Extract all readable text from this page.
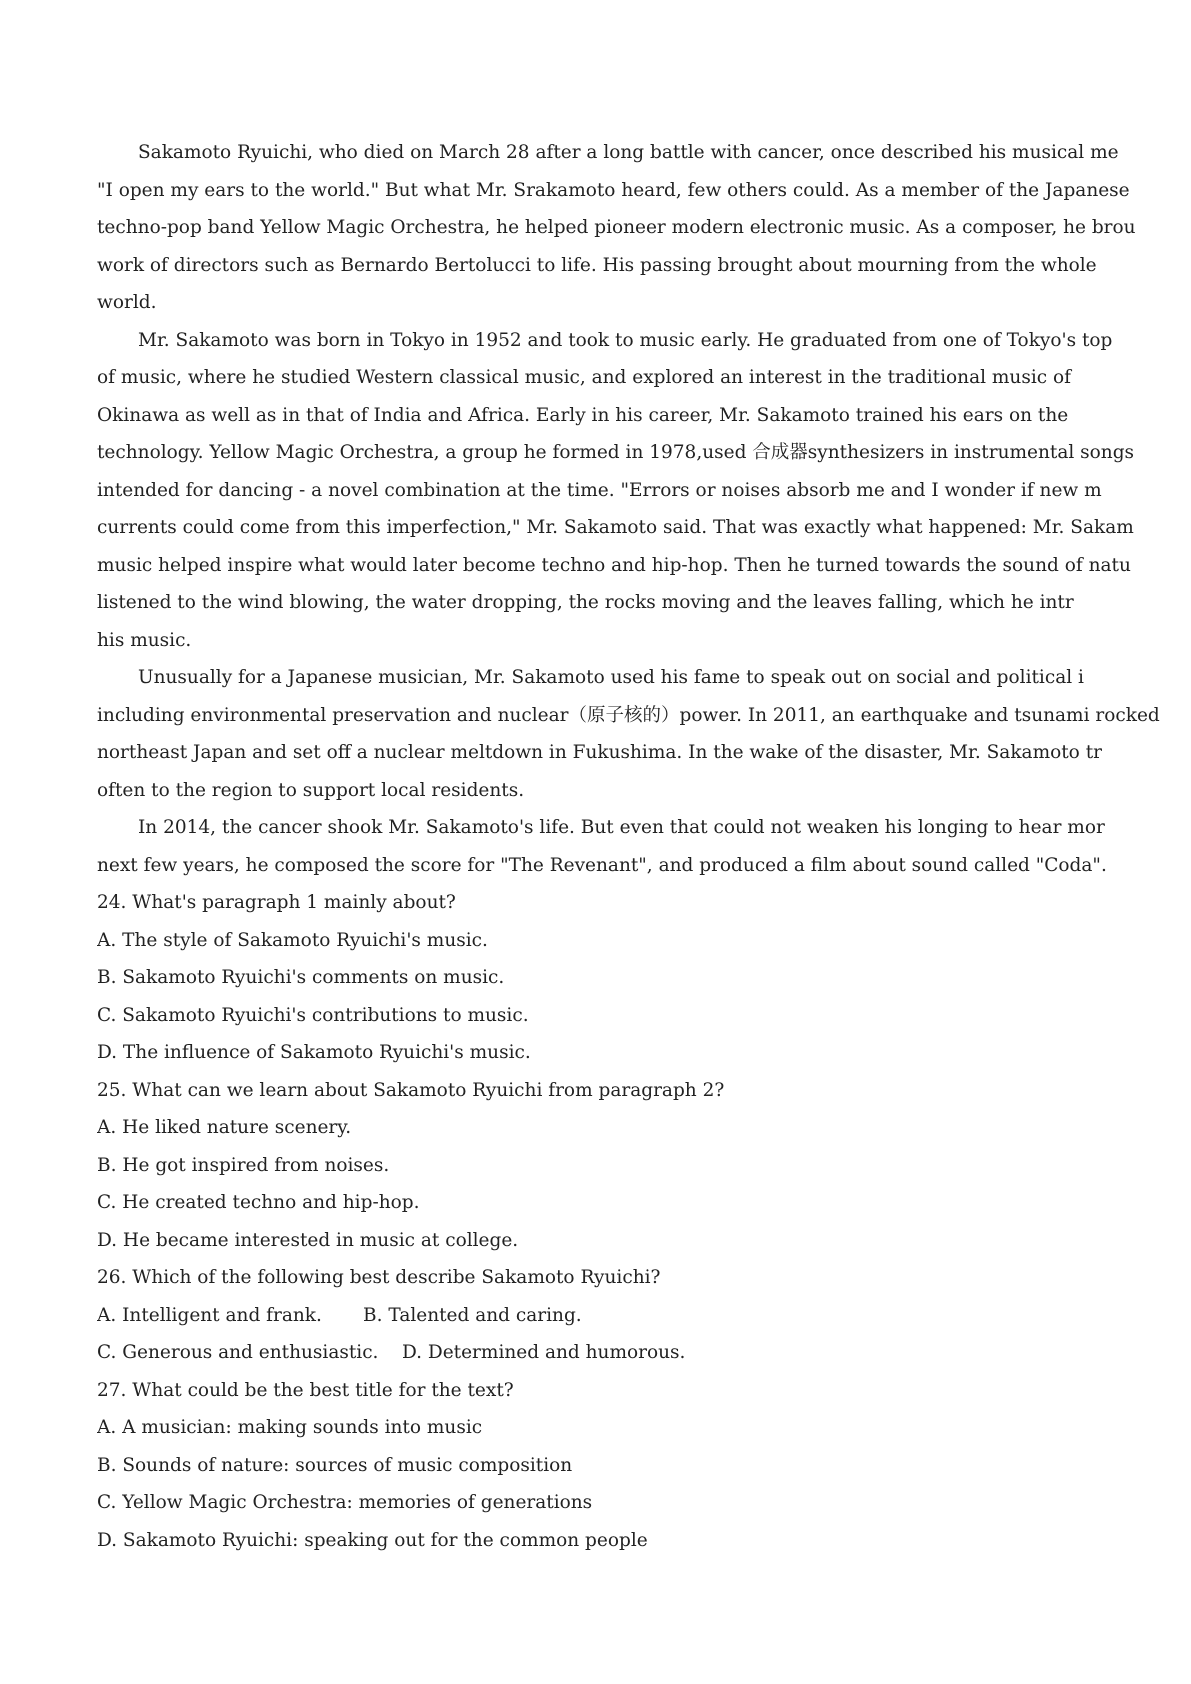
Sakamoto Ryuichi, who died on March 28 after a long battle with cancer, once described his musical me
"I open my ears to the world." But what Mr. Srakamoto heard, few others could. As a member of the Japanese
techno-pop band Yellow Magic Orchestra, he helped pioneer modern electronic music. As a composer, he brou
work of directors such as Bernardo Bertolucci to life. His passing brought about mourning from the whole
world.
Mr. Sakamoto was born in Tokyo in 1952 and took to music early. He graduated from one of Tokyo's top
of music, where he studied Western classical music, and explored an interest in the traditional music of
Okinawa as well as in that of India and Africa. Early in his career, Mr. Sakamoto trained his ears on the
technology. Yellow Magic Orchestra, a group he formed in 1978,used 合成器synthesizers in instrumental songs
intended for dancing - a novel combination at the time. "Errors or noises absorb me and I wonder if new m
currents could come from this imperfection," Mr. Sakamoto said. That was exactly what happened: Mr. Sakam
music helped inspire what would later become techno and hip-hop. Then he turned towards the sound of natu
listened to the wind blowing, the water dropping, the rocks moving and the leaves falling, which he intr
his music.
Unusually for a Japanese musician, Mr. Sakamoto used his fame to speak out on social and political i
including environmental preservation and nuclear（原子核的）power. In 2011, an earthquake and tsunami rocked
northeast Japan and set off a nuclear meltdown in Fukushima. In the wake of the disaster, Mr. Sakamoto tr
often to the region to support local residents.
In 2014, the cancer shook Mr. Sakamoto's life. But even that could not weaken his longing to hear mor
next few years, he composed the score for "The Revenant", and produced a film about sound called "Coda".
24. What's paragraph 1 mainly about?
A. The style of Sakamoto Ryuichi's music.
B. Sakamoto Ryuichi's comments on music.
C. Sakamoto Ryuichi's contributions to music.
D. The influence of Sakamoto Ryuichi's music.
25. What can we learn about Sakamoto Ryuichi from paragraph 2?
A. He liked nature scenery.
B. He got inspired from noises.
C. He created techno and hip-hop.
D. He became interested in music at college.
26. Which of the following best describe Sakamoto Ryuichi?
A. Intelligent and frank.       B. Talented and caring.
C. Generous and enthusiastic.    D. Determined and humorous.
27. What could be the best title for the text?
A. A musician: making sounds into music
B. Sounds of nature: sources of music composition
C. Yellow Magic Orchestra: memories of generations
D. Sakamoto Ryuichi: speaking out for the common people
